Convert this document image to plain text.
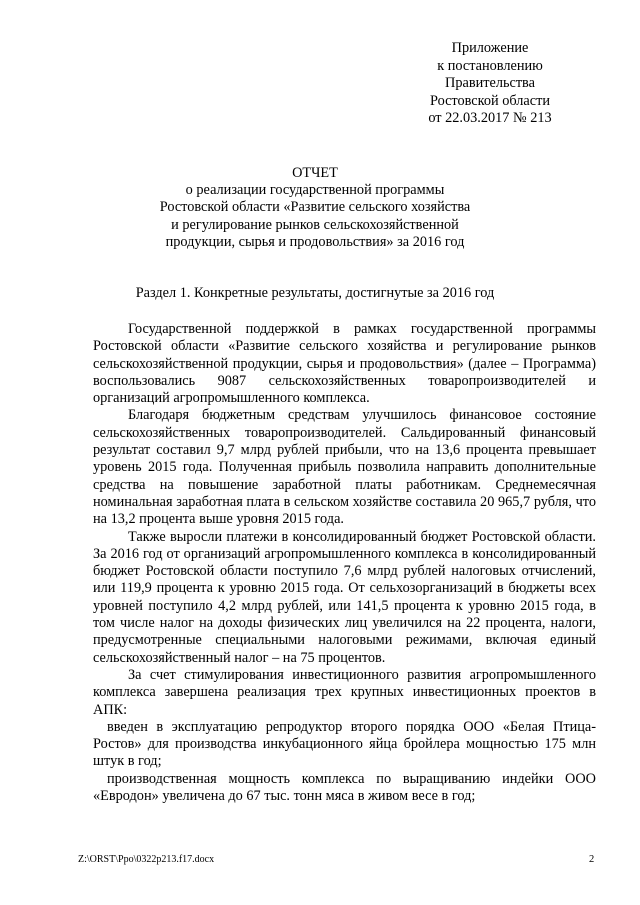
Приложение
к постановлению
Правительства
Ростовской области
от 22.03.2017 № 213
ОТЧЕТ
о реализации государственной программы
Ростовской области «Развитие сельского хозяйства
и регулирование рынков сельскохозяйственной
продукции, сырья и продовольствия» за 2016 год
Раздел 1. Конкретные результаты, достигнутые за 2016 год

Государственной поддержкой в рамках государственной программы Ростовской области «Развитие сельского хозяйства и регулирование рынков сельскохозяйственной продукции, сырья и продовольствия» (далее – Программа) воспользовались 9087 сельскохозяйственных товаропроизводителей и организаций агропромышленного комплекса.

Благодаря бюджетным средствам улучшилось финансовое состояние сельскохозяйственных товаропроизводителей. Сальдированный финансовый результат составил 9,7 млрд рублей прибыли, что на 13,6 процента превышает уровень 2015 года. Полученная прибыль позволила направить дополнительные средства на повышение заработной платы работникам. Среднемесячная номинальная заработная плата в сельском хозяйстве составила 20 965,7 рубля, что на 13,2 процента выше уровня 2015 года.

Также выросли платежи в консолидированный бюджет Ростовской области. За 2016 год от организаций агропромышленного комплекса в консолидированный бюджет Ростовской области поступило 7,6 млрд рублей налоговых отчислений, или 119,9 процента к уровню 2015 года. От сельхозорганизаций в бюджеты всех уровней поступило 4,2 млрд рублей, или 141,5 процента к уровню 2015 года, в том числе налог на доходы физических лиц увеличился на 22 процента, налоги, предусмотренные специальными налоговыми режимами, включая единый сельскохозяйственный налог – на 75 процентов.

За счет стимулирования инвестиционного развития агропромышленного комплекса завершена реализация трех крупных инвестиционных проектов в АПК:

введен в эксплуатацию репродуктор второго порядка ООО «Белая Птица-Ростов» для производства инкубационного яйца бройлера мощностью 175 млн штук в год;

производственная мощность комплекса по выращиванию индейки ООО «Евродон» увеличена до 67 тыс. тонн мяса в живом весе в год;

Z:\ORST\Ppo\0322p213.f17.docx	2
